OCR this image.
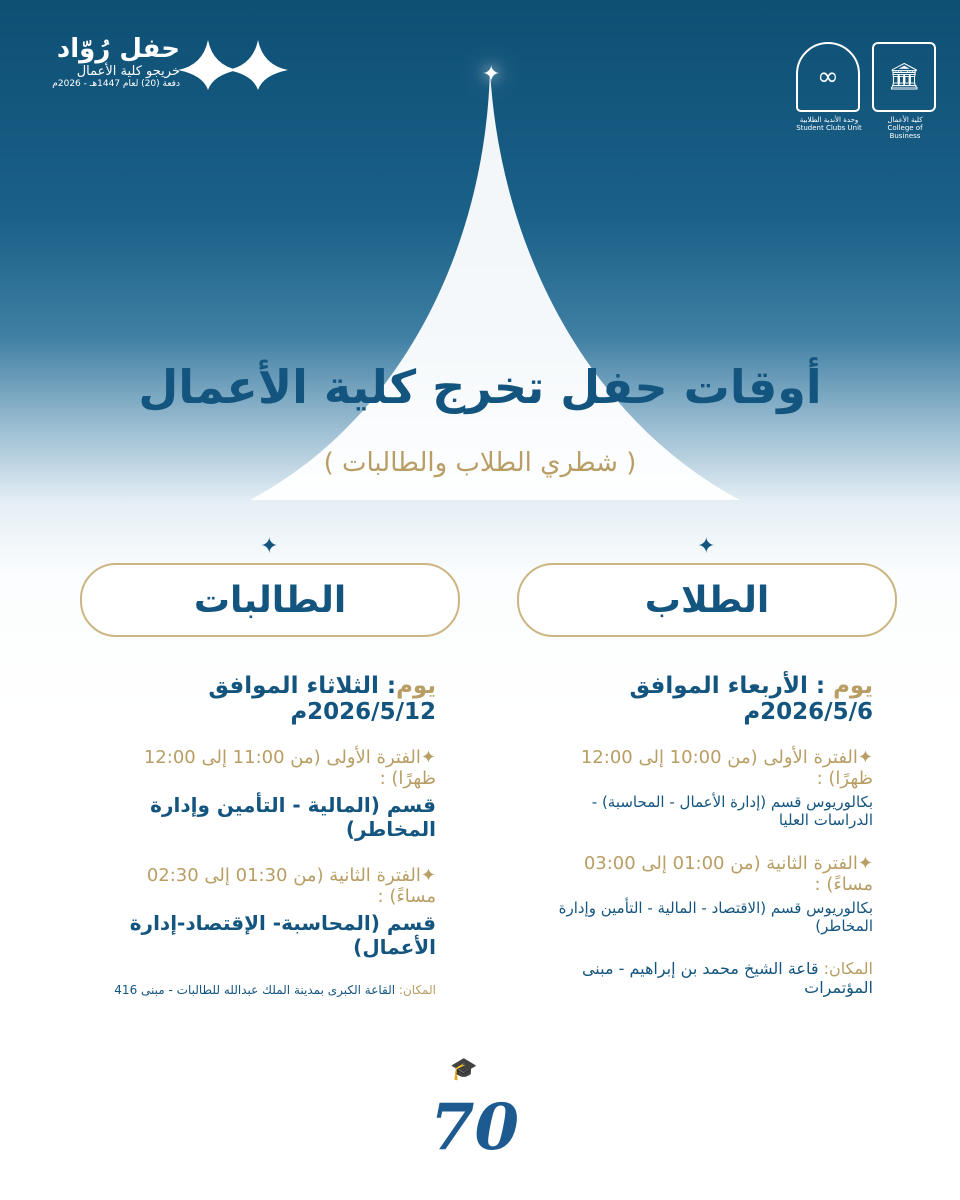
✦
حفل رُوّاد
خريجو كلية الأعمال
دفعة (20) لعام 1447هـ - 2026م	∞
وحدة الأندية الطلابية
Student Clubs Unit
🏛
كلية الأعمال
College of Business
أوقات حفل تخرج كلية الأعمال
( شطري الطلاب والطالبات )
✦
الطلاب
يوم : الأربعاء الموافق 2026/5/6م
✦الفترة الأولى (من 10:00 إلى 12:00 ظهرًا) :
بكالوريوس قسم (إدارة الأعمال - المحاسبة) - الدراسات العليا
✦الفترة الثانية (من 01:00 إلى 03:00 مساءً) :
بكالوريوس قسم (الاقتصاد - المالية - التأمين وإدارة المخاطر)
المكان: قاعة الشيخ محمد بن إبراهيم - مبنى المؤتمرات
✦
الطالبات
يوم: الثلاثاء الموافق 2026/5/12م
✦الفترة الأولى (من 11:00 إلى 12:00 ظهرًا) :
قسم (المالية - التأمين وإدارة المخاطر)
✦الفترة الثانية (من 01:30 إلى 02:30 مساءً) :
قسم (المحاسبة- الإقتصاد-إدارة الأعمال)
المكان: القاعة الكبرى بمدينة الملك عبدالله للطالبات - مبنى 416
🎓
70
